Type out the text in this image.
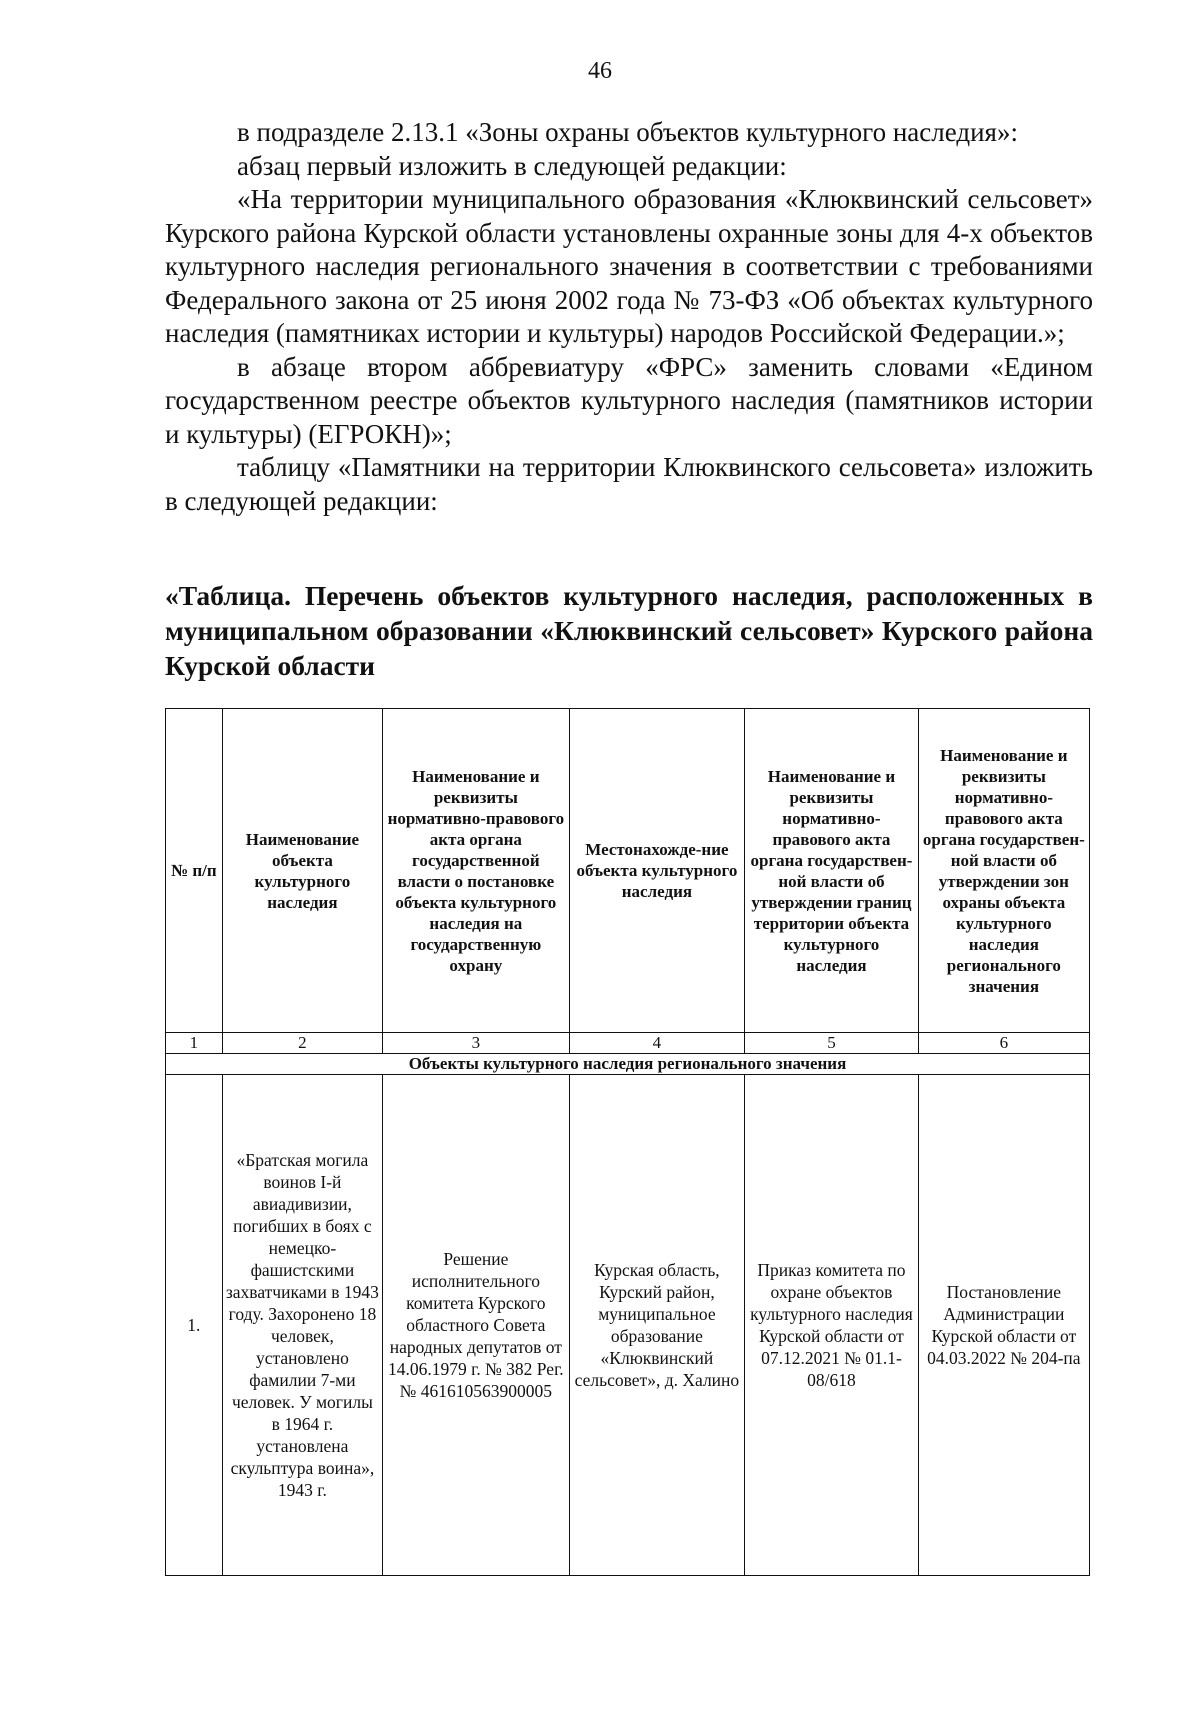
46

в подразделе 2.13.1 «Зоны охраны объектов культурного наследия»:

абзац первый изложить в следующей редакции:

«На территории муниципального образования «Клюквинский сельсовет» Курского района Курской области установлены охранные зоны для 4-х объектов культурного наследия регионального значения в соответствии с требованиями Федерального закона от 25 июня 2002 года № 73-ФЗ «Об объектах культурного наследия (памятниках истории и культуры) народов Российской Федерации.»;

в абзаце втором аббревиатуру «ФРС» заменить словами «Едином государственном реестре объектов культурного наследия (памятников истории и культуры) (ЕГРОКН)»;

таблицу «Памятники на территории Клюквинского сельсовета» изложить в следующей редакции:

«Таблица. Перечень объектов культурного наследия, расположенных в муниципальном образовании «Клюквинский сельсовет» Курского района Курской области
№ п/п	Наименование объекта культурного наследия	Наименование и реквизиты нормативно-правового акта органа государственной власти о постановке объекта культурного наследия на государственную охрану	Местонахожде-ние объекта культурного наследия	Наименование и реквизиты нормативно-правового акта органа государствен-ной власти об утверждении границ территории объекта культурного наследия	Наименование и реквизиты нормативно-правового акта органа государствен-ной власти об утверждении зон охраны объекта культурного наследия регионального значения
1	2	3	4	5	6
Объекты культурного наследия регионального значения					
1.	«Братская могила воинов I-й авиадивизии, погибших в боях с немецко-фашистскими захватчиками в 1943 году. Захоронено 18 человек, установлено фамилии 7-ми человек. У могилы в 1964 г. установлена скульптура воина», 1943 г.	Решение исполнительного комитета Курского областного Совета народных депутатов от 14.06.1979 г. № 382 Рег. № 461610563900005	Курская область, Курский район, муниципальное образование «Клюквинский сельсовет», д. Халино	Приказ комитета по охране объектов культурного наследия Курской области от 07.12.2021 № 01.1-08/618	Постановление Администрации Курской области от 04.03.2022 № 204-па
